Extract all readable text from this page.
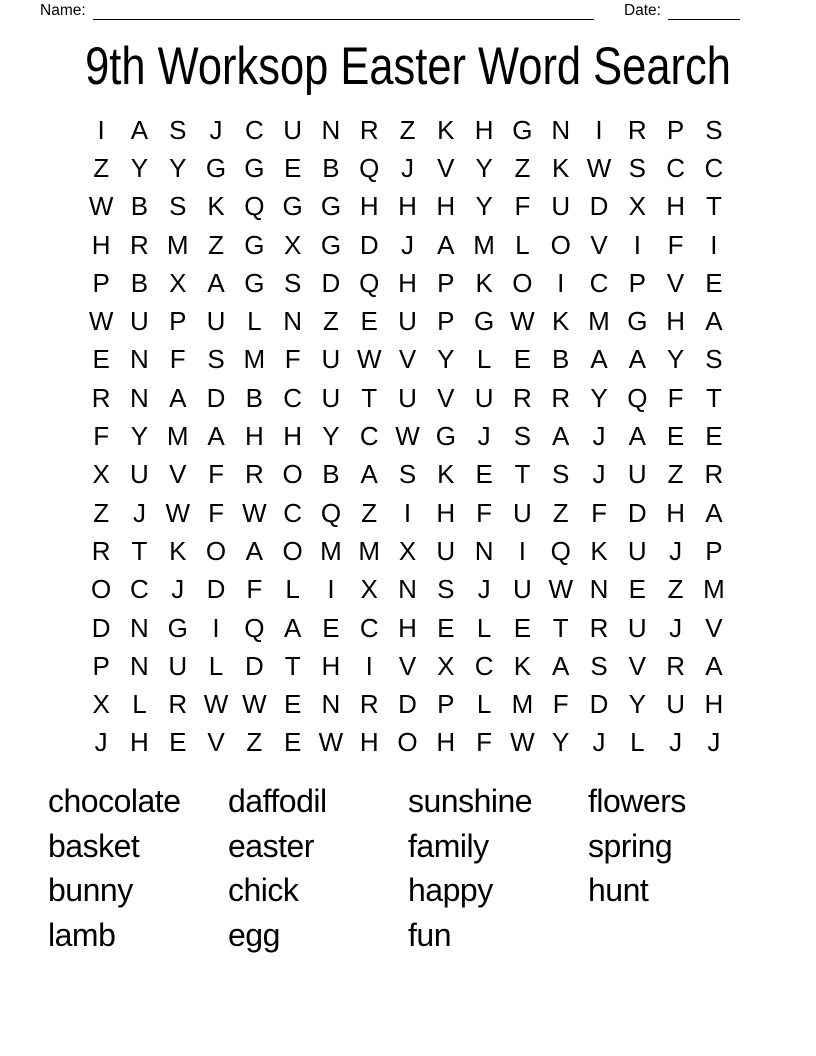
Name:	Date:
9th Worksop Easter Word Search
I	A S J C U N R Z K H G N I R P S
Z Y Y G G E B Q J V Y Z K W S C C
W B S K Q G G H H H Y F U D X H T
H R M Z G X G D J A M L O V	I	F	I
P B X A G S D Q H P K O I C P V E
W U P U L N Z E U P G W K M G H A
E N F S M F U W V Y L E B A A Y S
R N A D B C U T U V U R R Y Q F T
F Y M A H H Y C W G J S A J A E E
X U V F R O B A S K E T S J U Z R
Z J W F W C Q Z	I H F U Z F D H A
R T K O A O M M X U N I Q K U J P
O C J D F L	I	X N S J U W N E Z M
D N G I Q A E C H E L E T R U J V
P N U L D T H I	V X C K A S V R A
X L R W W E N R D P L M F D Y U H
J H E V Z E W H O H F W Y J L J J
chocolate
basket
bunny
lamb
daffodil
easter
chick
egg
sunshine
family
happy
fun
flowers
spring
hunt
